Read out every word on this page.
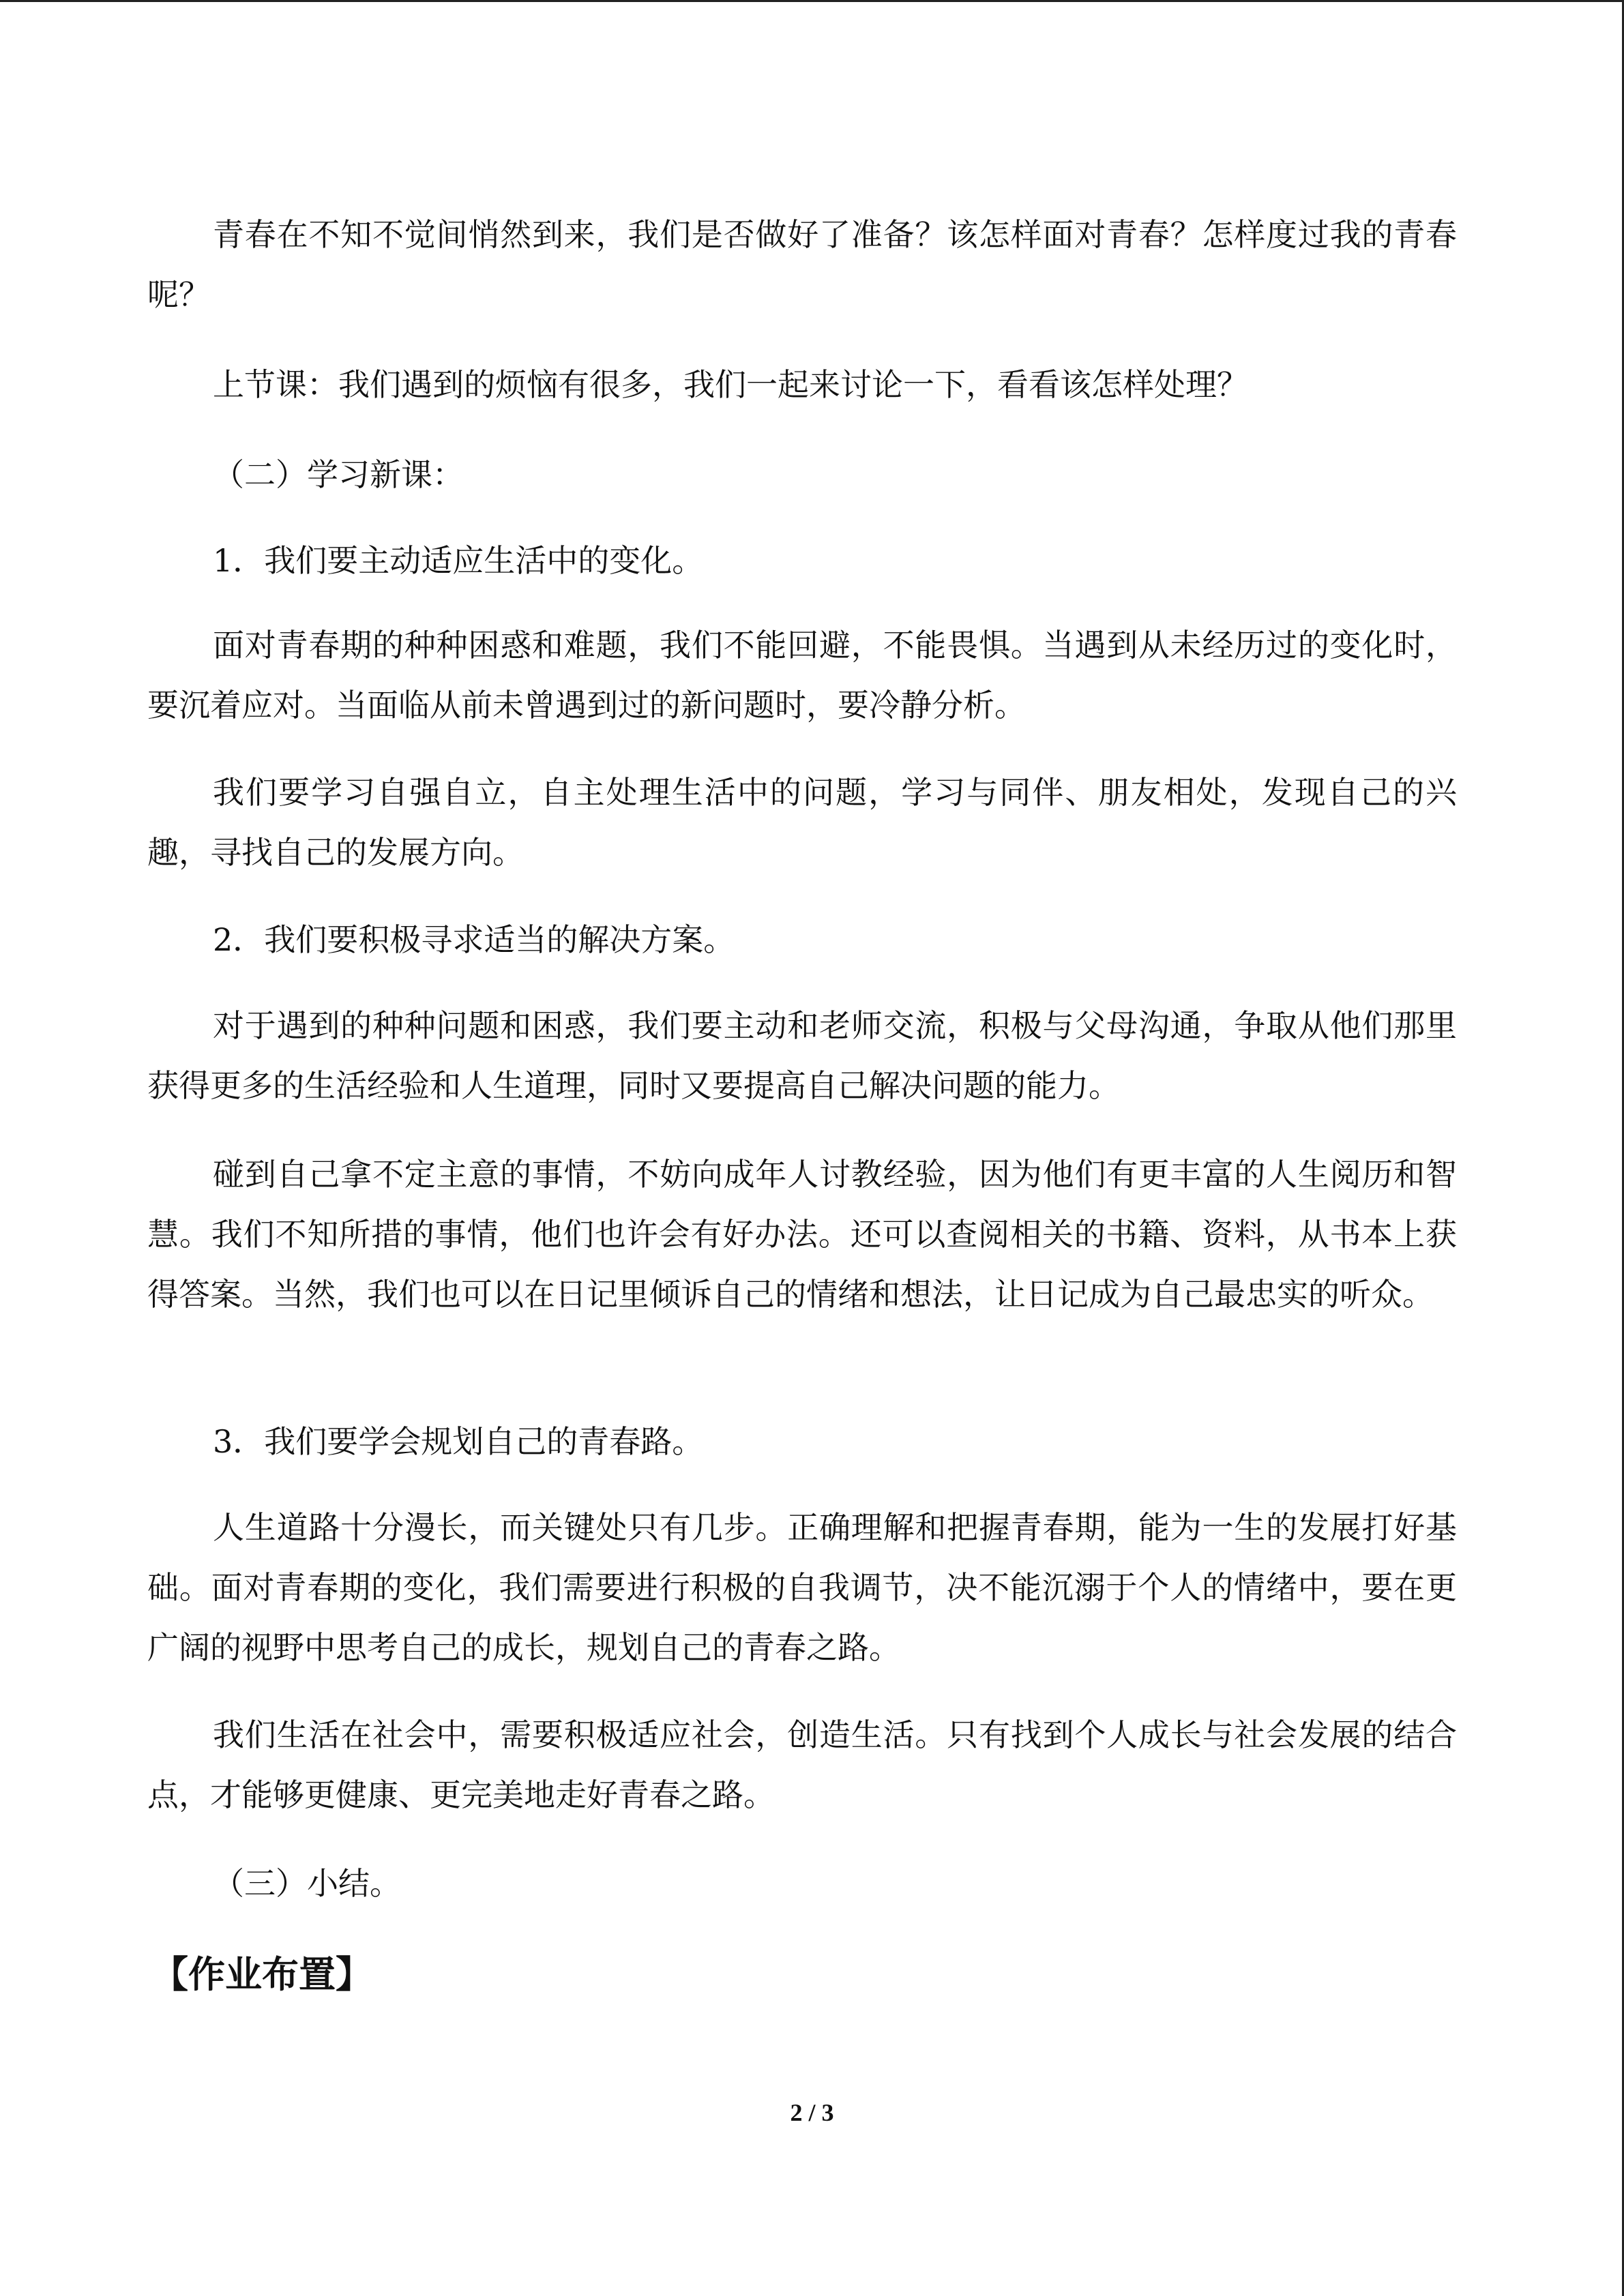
青春在不知不觉间悄然到来，我们是否做好了准备？该怎样面对青春？怎样度过我的青春呢？

上节课：我们遇到的烦恼有很多，我们一起来讨论一下，看看该怎样处理？

（二）学习新课：

1．我们要主动适应生活中的变化。

面对青春期的种种困惑和难题，我们不能回避，不能畏惧。当遇到从未经历过的变化时，要沉着应对。当面临从前未曾遇到过的新问题时，要冷静分析。

我们要学习自强自立，自主处理生活中的问题，学习与同伴、朋友相处，发现自己的兴趣，寻找自己的发展方向。

2．我们要积极寻求适当的解决方案。

对于遇到的种种问题和困惑，我们要主动和老师交流，积极与父母沟通，争取从他们那里获得更多的生活经验和人生道理，同时又要提高自己解决问题的能力。

碰到自己拿不定主意的事情，不妨向成年人讨教经验，因为他们有更丰富的人生阅历和智慧。我们不知所措的事情，他们也许会有好办法。还可以查阅相关的书籍、资料，从书本上获得答案。当然，我们也可以在日记里倾诉自己的情绪和想法，让日记成为自己最忠实的听众。

3．我们要学会规划自己的青春路。

人生道路十分漫长，而关键处只有几步。正确理解和把握青春期，能为一生的发展打好基础。面对青春期的变化，我们需要进行积极的自我调节，决不能沉溺于个人的情绪中，要在更广阔的视野中思考自己的成长，规划自己的青春之路。

我们生活在社会中，需要积极适应社会，创造生活。只有找到个人成长与社会发展的结合点，才能够更健康、更完美地走好青春之路。

（三）小结。

【作业布置】
2 / 3
